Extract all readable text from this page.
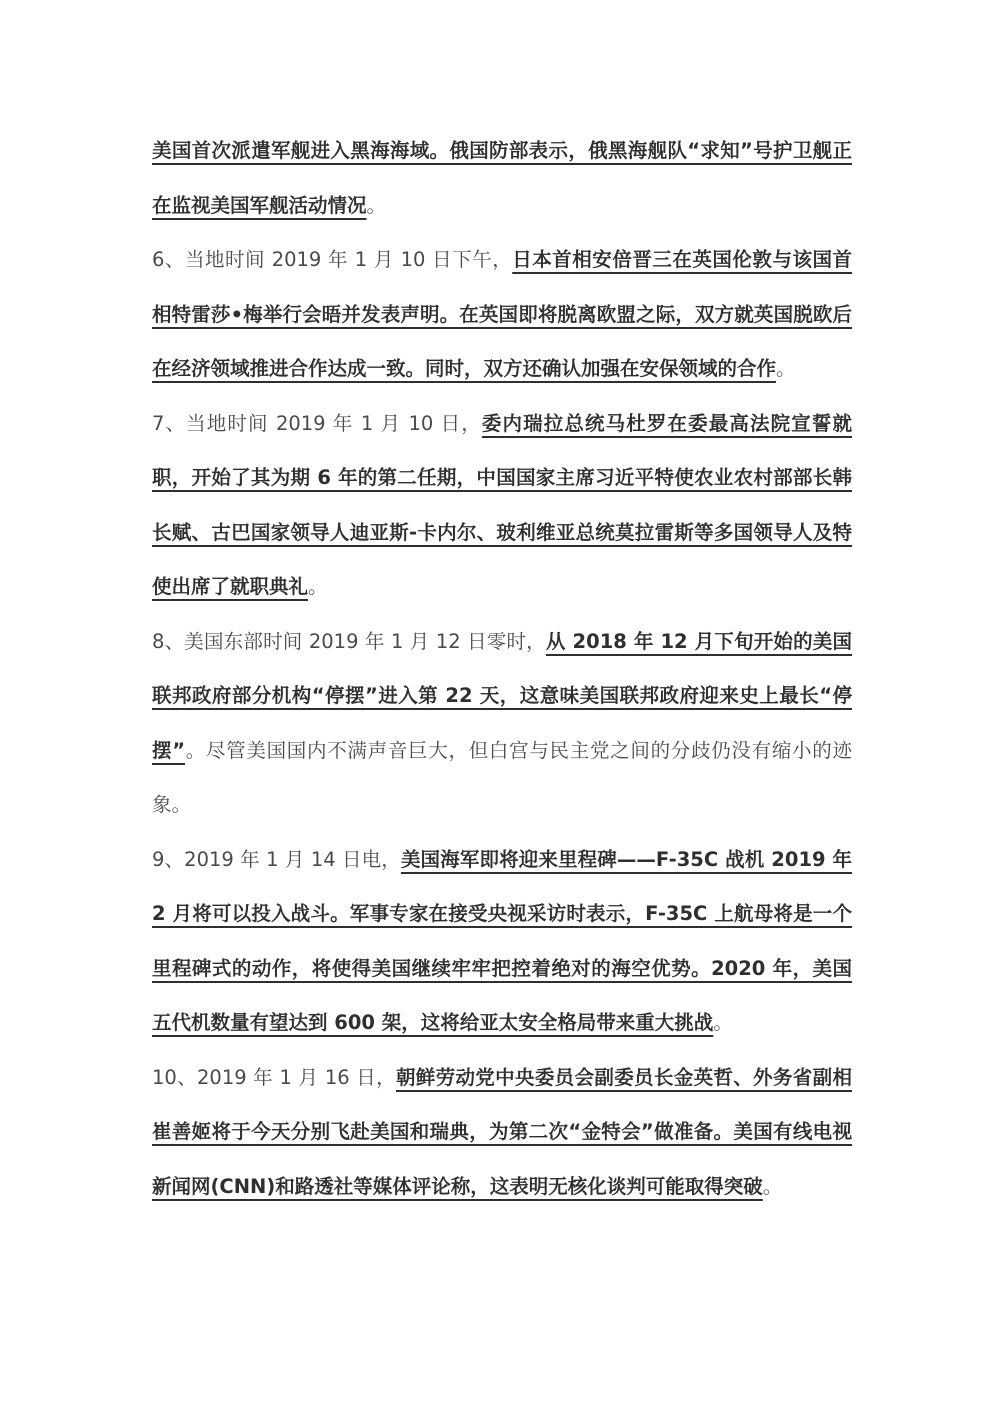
美国首次派遣军舰进入黑海海域。俄国防部表示，俄黑海舰队“求知”号护卫舰正在监视美国军舰活动情况。

6、当地时间 2019 年 1 月 10 日下午，日本首相安倍晋三在英国伦敦与该国首相特雷莎•梅举行会晤并发表声明。在英国即将脱离欧盟之际，双方就英国脱欧后在经济领域推进合作达成一致。同时，双方还确认加强在安保领域的合作。

7、当地时间 2019 年 1 月 10 日，委内瑞拉总统马杜罗在委最高法院宣誓就职，开始了其为期 6 年的第二任期，中国国家主席习近平特使农业农村部部长韩长赋、古巴国家领导人迪亚斯-卡内尔、玻利维亚总统莫拉雷斯等多国领导人及特使出席了就职典礼。

8、美国东部时间 2019 年 1 月 12 日零时，从 2018 年 12 月下旬开始的美国联邦政府部分机构“停摆”进入第 22 天，这意味美国联邦政府迎来史上最长“停摆”。尽管美国国内不满声音巨大，但白宫与民主党之间的分歧仍没有缩小的迹象。

9、2019 年 1 月 14 日电，美国海军即将迎来里程碑——F-35C 战机 2019 年 2 月将可以投入战斗。军事专家在接受央视采访时表示，F-35C 上航母将是一个里程碑式的动作，将使得美国继续牢牢把控着绝对的海空优势。2020 年，美国五代机数量有望达到 600 架，这将给亚太安全格局带来重大挑战。

10、2019 年 1 月 16 日，朝鲜劳动党中央委员会副委员长金英哲、外务省副相崔善姬将于今天分别飞赴美国和瑞典，为第二次“金特会”做准备。美国有线电视新闻网(CNN)和路透社等媒体评论称，这表明无核化谈判可能取得突破。
